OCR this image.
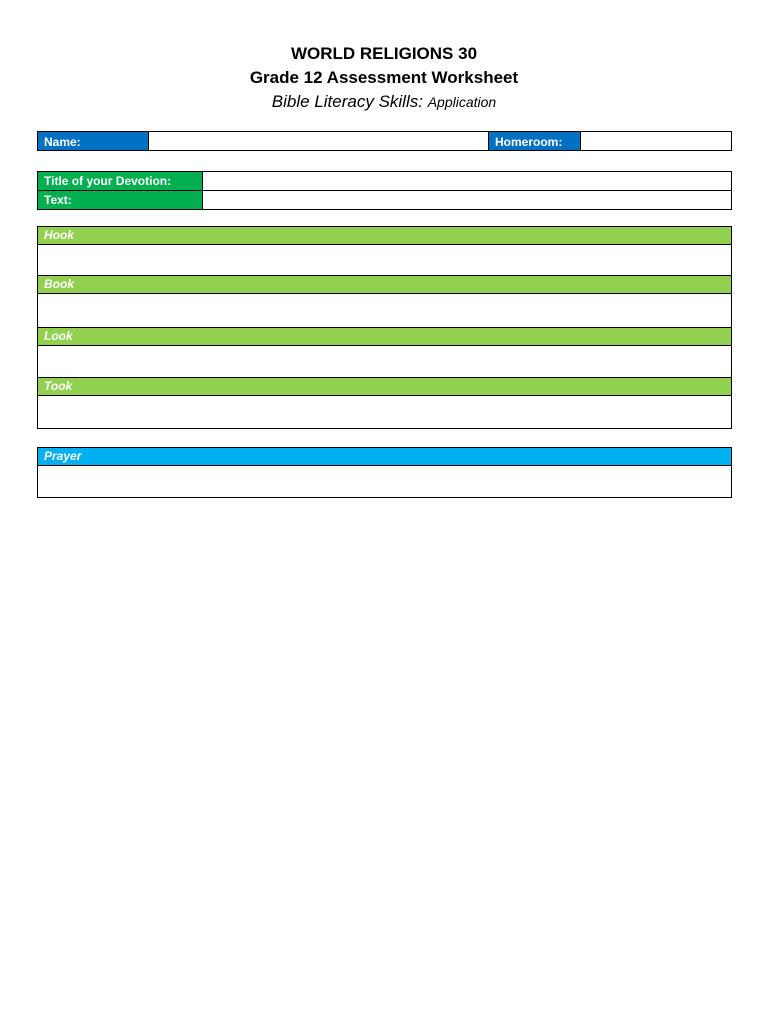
WORLD RELIGIONS 30

Grade 12 Assessment Worksheet

Bible Literacy Skills: Application

Name:	Homeroom:
Title of your Devotion:
Text:
Hook
Book
Look
Took
Prayer
